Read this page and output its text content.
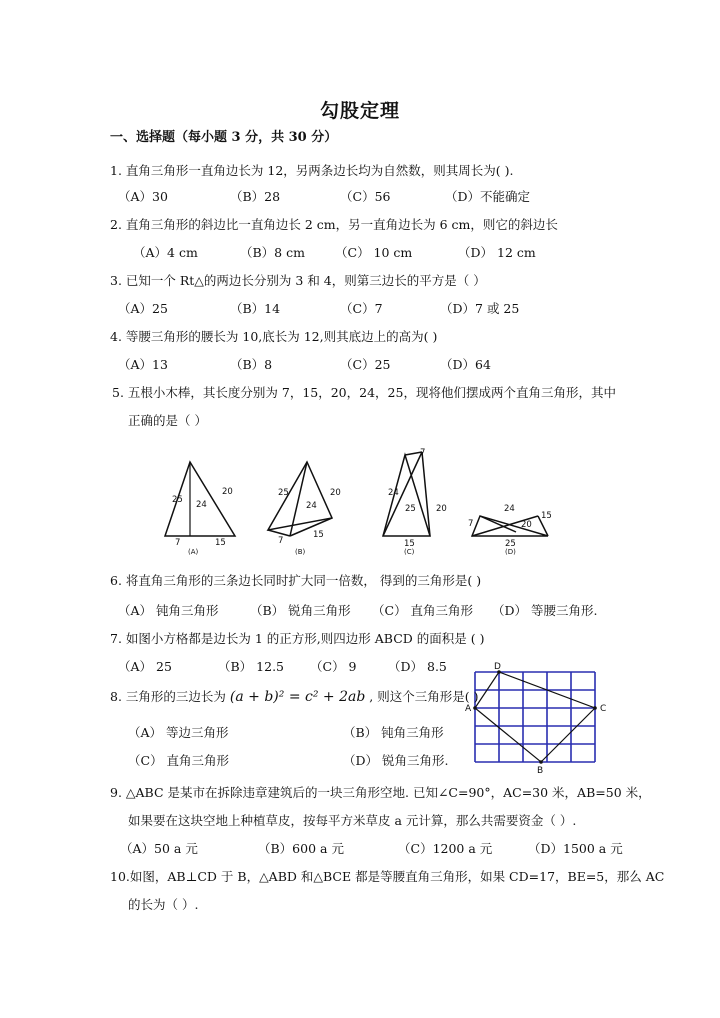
勾股定理
一、选择题（每小题 3 分，共 30 分）
1. 直角三角形一直角边长为 12，另两条边长均为自然数，则其周长为( ).
（A）30	（B）28	（C）56	（D）不能确定
2. 直角三角形的斜边比一直角边长 2 cm，另一直角边长为 6 cm，则它的斜边长
（A）4 cm	（B）8 cm （C） 10 cm	（D） 12 cm
3. 已知一个 Rt△的两边长分别为 3 和 4，则第三边长的平方是（ ）
（A）25	（B）14	（C）7	（D）7 或 25
4. 等腰三角形的腰长为 10,底长为 12,则其底边上的高为( )
（A）13	（B）8	（C）25	（D）64
5. 五根小木棒，其长度分别为 7，15，20，24，25，现将他们摆成两个直角三角形，其中
正确的是（ ）
25 24
20
7	15
(A)
25	20
24
15
7
(B)
7
24
25 20
15
(C)
24
15
7	20
25
(D)
6. 将直角三角形的三条边长同时扩大同一倍数， 得到的三角形是( )
（A） 钝角三角形	（B） 锐角三角形 （C） 直角三角形 （D） 等腰三角形.
7. 如图小方格都是边长为 1 的正方形,则四边形 ABCD 的面积是 ( )
（A） 25	（B） 12.5 （C） 9	（D） 8.5
A
D
C
B
8. 三角形的三边长为 (a + b)² = c² + 2ab , 则这个三角形是( )
（A） 等边三角形	（B） 钝角三角形
（C） 直角三角形	（D） 锐角三角形.
9. △ABC 是某市在拆除违章建筑后的一块三角形空地. 已知∠C=90°，AC=30 米，AB=50 米，
如果要在这块空地上种植草皮，按每平方米草皮 a 元计算，那么共需要资金（ ）.
（A）50 a 元	（B）600 a 元	（C）1200 a 元	（D）1500 a 元
10.如图，AB⊥CD 于 B，△ABD 和△BCE 都是等腰直角三角形，如果 CD=17，BE=5，那么 AC
的长为（ ）.
